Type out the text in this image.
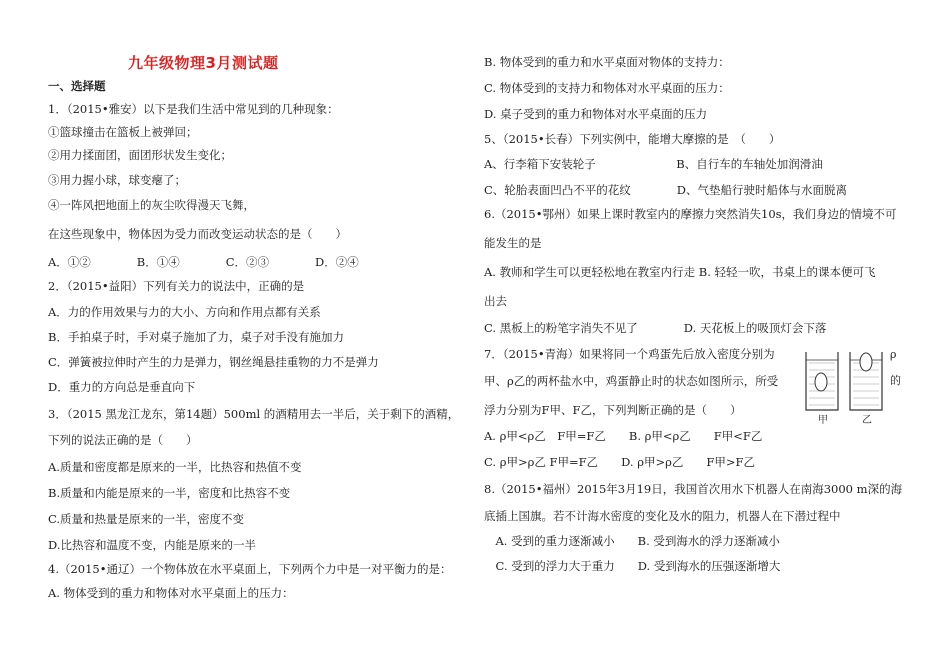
九年级物理3月测试题
一、选择题
1．（2015•雅安）以下是我们生活中常见到的几种现象：
①篮球撞击在篮板上被弹回；
②用力揉面团，面团形状发生变化；
③用力握小球，球变瘪了；
④一阵风把地面上的灰尘吹得漫天飞舞，
在这些现象中，物体因为受力而改变运动状态的是（　　）
A．①②　　　　B．①④　　　　C．②③　　　　D．②④
2．（2015•益阳）下列有关力的说法中，正确的是
A．力的作用效果与力的大小、方向和作用点都有关系
B．手拍桌子时，手对桌子施加了力，桌子对手没有施加力
C．弹簧被拉伸时产生的力是弹力，钢丝绳悬挂重物的力不是弹力
D．重力的方向总是垂直向下
3．（2015 黑龙江龙东，第14题）500ml 的酒精用去一半后，关于剩下的酒精，
下列的说法正确的是（　　）
A.质量和密度都是原来的一半，比热容和热值不变
B.质量和内能是原来的一半，密度和比热容不变
C.质量和热量是原来的一半，密度不变
D.比热容和温度不变，内能是原来的一半
4.（2015•通辽）一个物体放在水平桌面上，下列两个力中是一对平衡力的是：
A. 物体受到的重力和物体对水平桌面上的压力：
B. 物体受到的重力和水平桌面对物体的支持力：
C. 物体受到的支持力和物体对水平桌面的压力：
D. 桌子受到的重力和物体对水平桌面的压力
5、（2015•长春）下列实例中，能增大摩擦的是　（　　）
A、行李箱下安装轮子　　　　　　　B、自行车的车轴处加润滑油
C、轮胎表面凹凸不平的花纹　　　　D、气垫船行驶时船体与水面脱离
6.（2015•鄂州）如果上课时教室内的摩擦力突然消失10s，我们身边的情境不可
能发生的是
A. 教师和学生可以更轻松地在教室内行走 B. 轻轻一吹，书桌上的课本便可飞
出去
C. 黑板上的粉笔字消失不见了　　　　D. 天花板上的吸顶灯会下落
7．（2015•青海）如果将同一个鸡蛋先后放入密度分别为
甲、ρ乙的两杯盐水中，鸡蛋静止时的状态如图所示，所受
浮力分别为F甲、F乙，下列判断正确的是（　　）
A. ρ甲<ρ乙　F甲=F乙　　B. ρ甲<ρ乙　　F甲<F乙
C. ρ甲>ρ乙 F甲=F乙　　D. ρ甲>ρ乙　　F甲>F乙
8.（2015•福州）2015年3月19日，我国首次用水下机器人在南海3000 m深的海
底插上国旗。若不计海水密度的变化及水的阻力，机器人在下潜过程中
　A. 受到的重力逐渐减小　　B. 受到海水的浮力逐渐减小
　C. 受到的浮力大于重力　　D. 受到海水的压强逐渐增大
甲	乙
ρ
的
